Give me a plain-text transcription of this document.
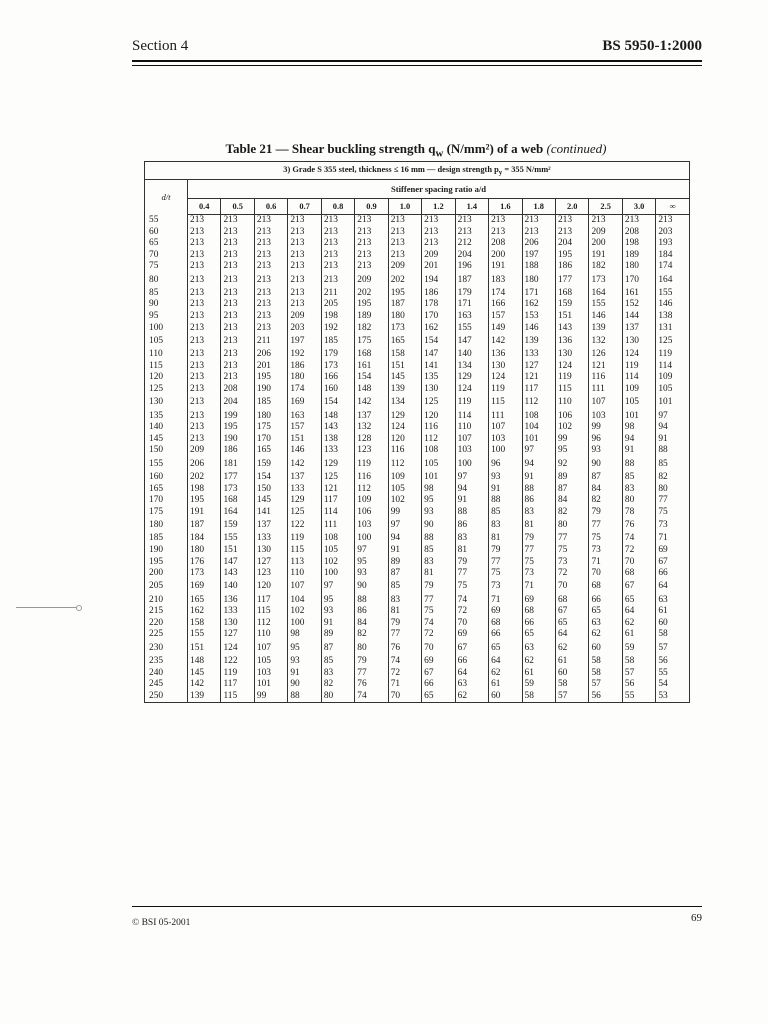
Section 4	BS 5950-1:2000
Table 21 — Shear buckling strength $q_w$ (N/mm²) of a web (continued)
3) Grade S 355 steel, thickness ≤ 16 mm — design strength $p_y = 355$ N/mm²															
d/t	Stiffener spacing ratio a/d														
	0.4	0.5	0.6	0.7	0.8	0.9	1.0	1.2	1.4	1.6	1.8	2.0	2.5	3.0	∞
55	213	213	213	213	213	213	213	213	213	213	213	213	213	213	213
60	213	213	213	213	213	213	213	213	213	213	213	213	209	208	203
65	213	213	213	213	213	213	213	213	212	208	206	204	200	198	193
70	213	213	213	213	213	213	213	209	204	200	197	195	191	189	184
75	213	213	213	213	213	213	209	201	196	191	188	186	182	180	174
80	213	213	213	213	213	209	202	194	187	183	180	177	173	170	164
85	213	213	213	213	211	202	195	186	179	174	171	168	164	161	155
90	213	213	213	213	205	195	187	178	171	166	162	159	155	152	146
95	213	213	213	209	198	189	180	170	163	157	153	151	146	144	138
100	213	213	213	203	192	182	173	162	155	149	146	143	139	137	131
105	213	213	211	197	185	175	165	154	147	142	139	136	132	130	125
110	213	213	206	192	179	168	158	147	140	136	133	130	126	124	119
115	213	213	201	186	173	161	151	141	134	130	127	124	121	119	114
120	213	213	195	180	166	154	145	135	129	124	121	119	116	114	109
125	213	208	190	174	160	148	139	130	124	119	117	115	111	109	105
130	213	204	185	169	154	142	134	125	119	115	112	110	107	105	101
135	213	199	180	163	148	137	129	120	114	111	108	106	103	101	97
140	213	195	175	157	143	132	124	116	110	107	104	102	99	98	94
145	213	190	170	151	138	128	120	112	107	103	101	99	96	94	91
150	209	186	165	146	133	123	116	108	103	100	97	95	93	91	88
155	206	181	159	142	129	119	112	105	100	96	94	92	90	88	85
160	202	177	154	137	125	116	109	101	97	93	91	89	87	85	82
165	198	173	150	133	121	112	105	98	94	91	88	87	84	83	80
170	195	168	145	129	117	109	102	95	91	88	86	84	82	80	77
175	191	164	141	125	114	106	99	93	88	85	83	82	79	78	75
180	187	159	137	122	111	103	97	90	86	83	81	80	77	76	73
185	184	155	133	119	108	100	94	88	83	81	79	77	75	74	71
190	180	151	130	115	105	97	91	85	81	79	77	75	73	72	69
195	176	147	127	113	102	95	89	83	79	77	75	73	71	70	67
200	173	143	123	110	100	93	87	81	77	75	73	72	70	68	66
205	169	140	120	107	97	90	85	79	75	73	71	70	68	67	64
210	165	136	117	104	95	88	83	77	74	71	69	68	66	65	63
215	162	133	115	102	93	86	81	75	72	69	68	67	65	64	61
220	158	130	112	100	91	84	79	74	70	68	66	65	63	62	60
225	155	127	110	98	89	82	77	72	69	66	65	64	62	61	58
230	151	124	107	95	87	80	76	70	67	65	63	62	60	59	57
235	148	122	105	93	85	79	74	69	66	64	62	61	58	58	56
240	145	119	103	91	83	77	72	67	64	62	61	60	58	57	55
245	142	117	101	90	82	76	71	66	63	61	59	58	57	56	54
250	139	115	99	88	80	74	70	65	62	60	58	57	56	55	53
© BSI 05-2001	69
